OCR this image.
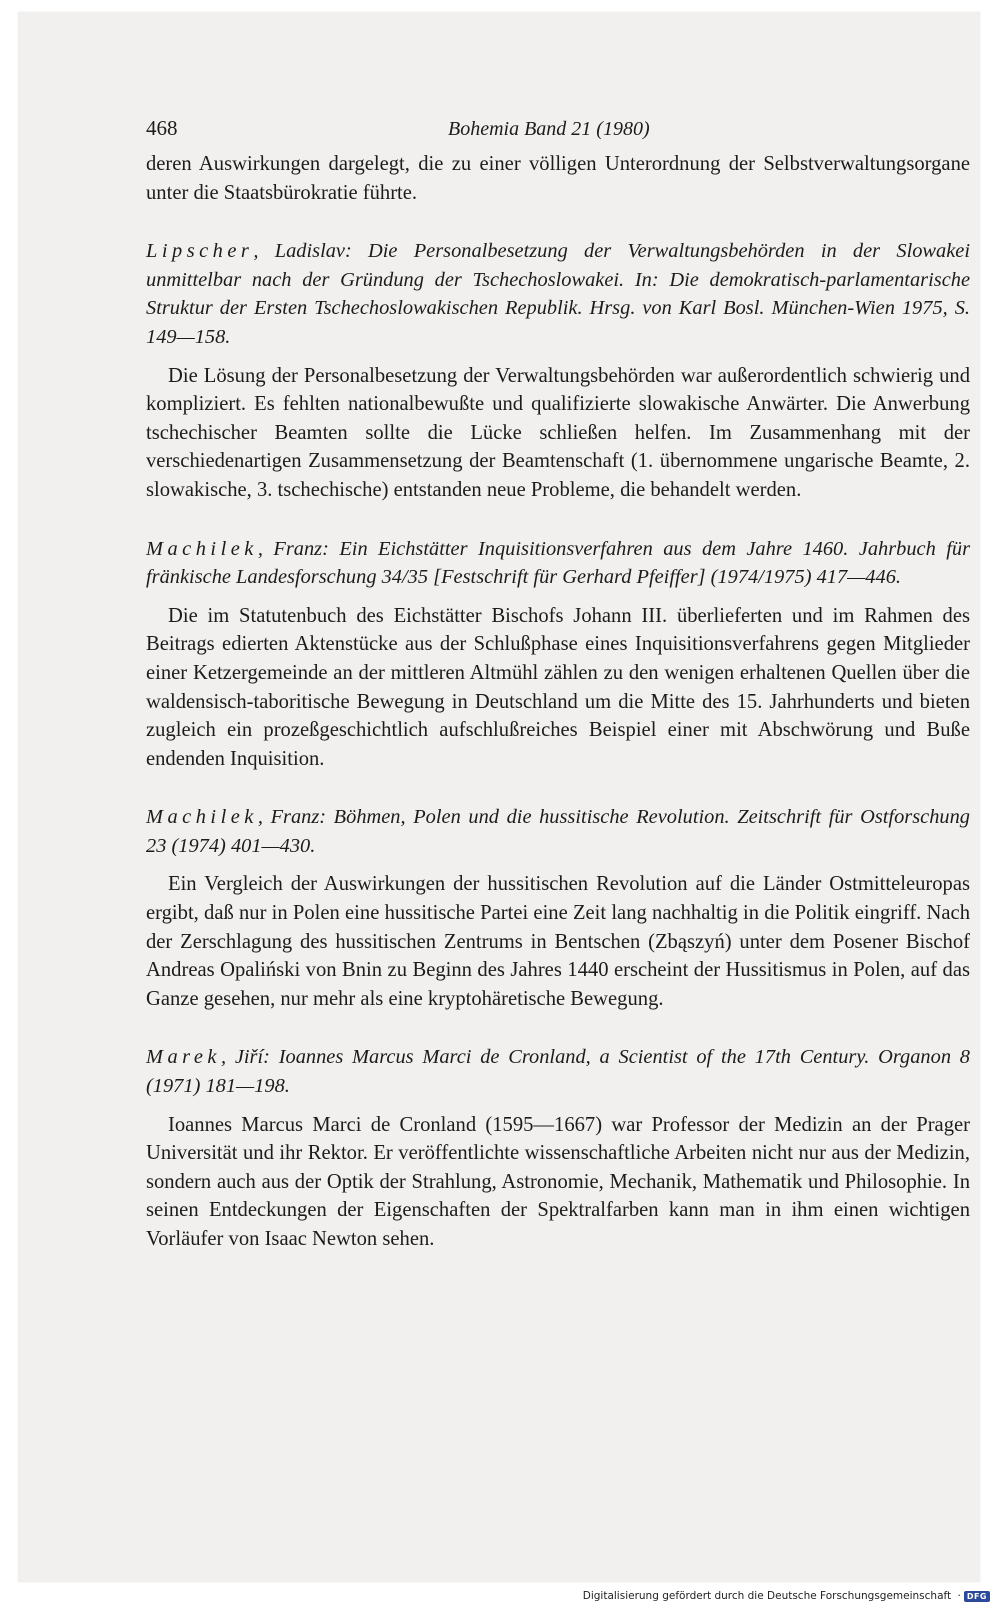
468	Bohemia Band 21 (1980)

deren Auswirkungen dargelegt, die zu einer völligen Unterordnung der Selbstverwaltungsorgane unter die Staatsbürokratie führte.

Lipscher, Ladislav: Die Personalbesetzung der Verwaltungsbehörden in der Slowakei unmittelbar nach der Gründung der Tschechoslowakei. In: Die demokratisch-parlamentarische Struktur der Ersten Tschechoslowakischen Republik. Hrsg. von Karl Bosl. München-Wien 1975, S. 149—158.

Die Lösung der Personalbesetzung der Verwaltungsbehörden war außerordentlich schwierig und kompliziert. Es fehlten nationalbewußte und qualifizierte slowakische Anwärter. Die Anwerbung tschechischer Beamten sollte die Lücke schließen helfen. Im Zusammenhang mit der verschiedenartigen Zusammensetzung der Beamtenschaft (1. übernommene ungarische Beamte, 2. slowakische, 3. tschechische) entstanden neue Probleme, die behandelt werden.

Machilek, Franz: Ein Eichstätter Inquisitionsverfahren aus dem Jahre 1460. Jahrbuch für fränkische Landesforschung 34/35 [Festschrift für Gerhard Pfeiffer] (1974/1975) 417—446.

Die im Statutenbuch des Eichstätter Bischofs Johann III. überlieferten und im Rahmen des Beitrags edierten Aktenstücke aus der Schlußphase eines Inquisitionsverfahrens gegen Mitglieder einer Ketzergemeinde an der mittleren Altmühl zählen zu den wenigen erhaltenen Quellen über die waldensisch-taboritische Bewegung in Deutschland um die Mitte des 15. Jahrhunderts und bieten zugleich ein prozeßgeschichtlich aufschlußreiches Beispiel einer mit Abschwörung und Buße endenden Inquisition.

Machilek, Franz: Böhmen, Polen und die hussitische Revolution. Zeitschrift für Ostforschung 23 (1974) 401—430.

Ein Vergleich der Auswirkungen der hussitischen Revolution auf die Länder Ostmitteleuropas ergibt, daß nur in Polen eine hussitische Partei eine Zeit lang nachhaltig in die Politik eingriff. Nach der Zerschlagung des hussitischen Zentrums in Bentschen (Zbąszyń) unter dem Posener Bischof Andreas Opaliński von Bnin zu Beginn des Jahres 1440 erscheint der Hussitismus in Polen, auf das Ganze gesehen, nur mehr als eine kryptohäretische Bewegung.

Marek, Jiří: Ioannes Marcus Marci de Cronland, a Scientist of the 17th Century. Organon 8 (1971) 181—198.

Ioannes Marcus Marci de Cronland (1595—1667) war Professor der Medizin an der Prager Universität und ihr Rektor. Er veröffentlichte wissenschaftliche Arbeiten nicht nur aus der Medizin, sondern auch aus der Optik der Strahlung, Astronomie, Mechanik, Mathematik und Philosophie. In seinen Entdeckungen der Eigenschaften der Spektralfarben kann man in ihm einen wichtigen Vorläufer von Isaac Newton sehen.

Digitalisierung gefördert durch die Deutsche Forschungsgemeinschaft · DFG
